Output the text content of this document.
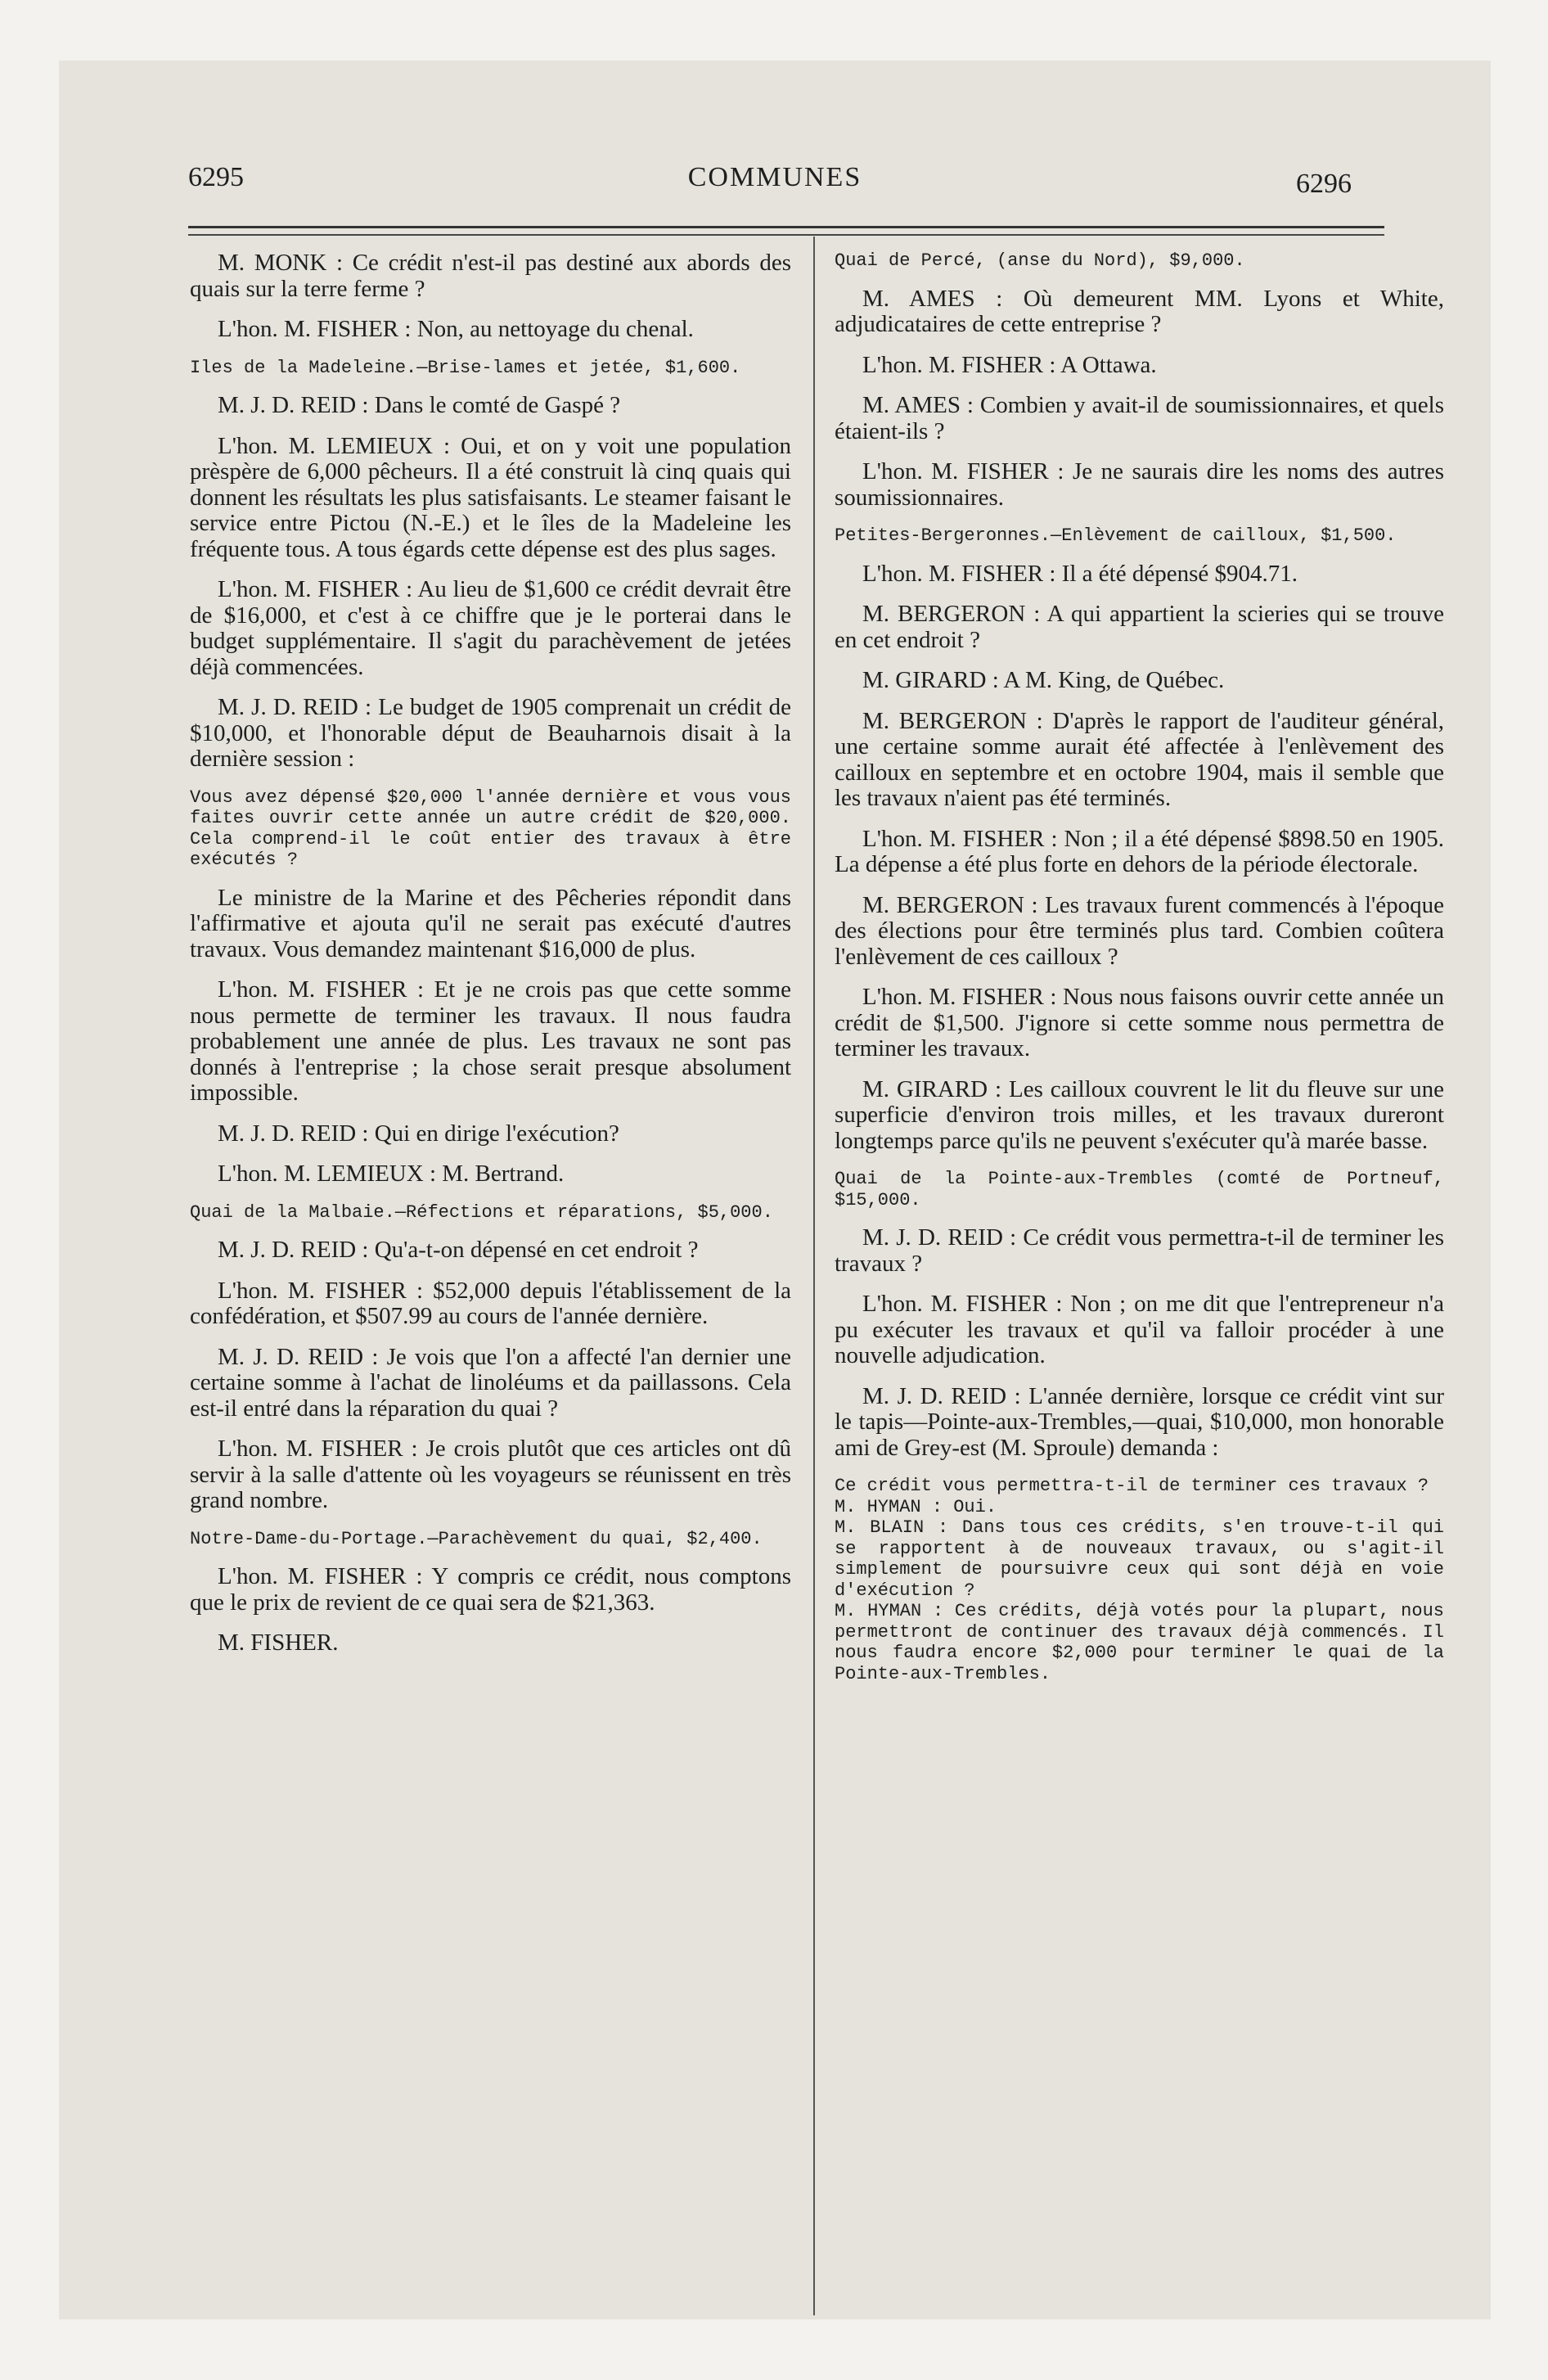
6295	COMMUNES	6296

M. MONK : Ce crédit n'est-il pas destiné aux abords des quais sur la terre ferme ?

L'hon. M. FISHER : Non, au nettoyage du chenal.

Iles de la Madeleine.—Brise-lames et jetée, $1,600.

M. J. D. REID : Dans le comté de Gaspé ?

L'hon. M. LEMIEUX : Oui, et on y voit une population prèspère de 6,000 pêcheurs. Il a été construit là cinq quais qui donnent les résultats les plus satisfaisants. Le steamer faisant le service entre Pictou (N.-E.) et le îles de la Madeleine les fréquente tous. A tous égards cette dépense est des plus sages.

L'hon. M. FISHER : Au lieu de $1,600 ce crédit devrait être de $16,000, et c'est à ce chiffre que je le porterai dans le budget supplémentaire. Il s'agit du parachèvement de jetées déjà commencées.

M. J. D. REID : Le budget de 1905 comprenait un crédit de $10,000, et l'honorable déput de Beauharnois disait à la dernière session :

Vous avez dépensé $20,000 l'année dernière et vous vous faites ouvrir cette année un autre crédit de $20,000. Cela comprend-il le coût entier des travaux à être exécutés ?

Le ministre de la Marine et des Pêcheries répondit dans l'affirmative et ajouta qu'il ne serait pas exécuté d'autres travaux. Vous demandez maintenant $16,000 de plus.

L'hon. M. FISHER : Et je ne crois pas que cette somme nous permette de terminer les travaux. Il nous faudra probablement une année de plus. Les travaux ne sont pas donnés à l'entreprise ; la chose serait presque absolument impossible.

M. J. D. REID : Qui en dirige l'exécution?

L'hon. M. LEMIEUX : M. Bertrand.

Quai de la Malbaie.—Réfections et réparations, $5,000.

M. J. D. REID : Qu'a-t-on dépensé en cet endroit ?

L'hon. M. FISHER : $52,000 depuis l'établissement de la confédération, et $507.99 au cours de l'année dernière.

M. J. D. REID : Je vois que l'on a affecté l'an dernier une certaine somme à l'achat de linoléums et da paillassons. Cela est-il entré dans la réparation du quai ?

L'hon. M. FISHER : Je crois plutôt que ces articles ont dû servir à la salle d'attente où les voyageurs se réunissent en très grand nombre.

Notre-Dame-du-Portage.—Parachèvement du quai, $2,400.

L'hon. M. FISHER : Y compris ce crédit, nous comptons que le prix de revient de ce quai sera de $21,363.

M. FISHER.

Quai de Percé, (anse du Nord), $9,000.

M. AMES : Où demeurent MM. Lyons et White, adjudicataires de cette entreprise ?

L'hon. M. FISHER : A Ottawa.

M. AMES : Combien y avait-il de soumissionnaires, et quels étaient-ils ?

L'hon. M. FISHER : Je ne saurais dire les noms des autres soumissionnaires.

Petites-Bergeronnes.—Enlèvement de cailloux, $1,500.

L'hon. M. FISHER : Il a été dépensé $904.71.

M. BERGERON : A qui appartient la scieries qui se trouve en cet endroit ?

M. GIRARD : A M. King, de Québec.

M. BERGERON : D'après le rapport de l'auditeur général, une certaine somme aurait été affectée à l'enlèvement des cailloux en septembre et en octobre 1904, mais il semble que les travaux n'aient pas été terminés.

L'hon. M. FISHER : Non ; il a été dépensé $898.50 en 1905. La dépense a été plus forte en dehors de la période électorale.

M. BERGERON : Les travaux furent commencés à l'époque des élections pour être terminés plus tard. Combien coûtera l'enlèvement de ces cailloux ?

L'hon. M. FISHER : Nous nous faisons ouvrir cette année un crédit de $1,500. J'ignore si cette somme nous permettra de terminer les travaux.

M. GIRARD : Les cailloux couvrent le lit du fleuve sur une superficie d'environ trois milles, et les travaux dureront longtemps parce qu'ils ne peuvent s'exécuter qu'à marée basse.

Quai de la Pointe-aux-Trembles (comté de Portneuf, $15,000.

M. J. D. REID : Ce crédit vous permettra-t-il de terminer les travaux ?

L'hon. M. FISHER : Non ; on me dit que l'entrepreneur n'a pu exécuter les travaux et qu'il va falloir procéder à une nouvelle adjudication.

M. J. D. REID : L'année dernière, lorsque ce crédit vint sur le tapis—Pointe-aux-Trembles,—quai, $10,000, mon honorable ami de Grey-est (M. Sproule) demanda :

Ce crédit vous permettra-t-il de terminer ces travaux ?

M. HYMAN : Oui.

M. BLAIN : Dans tous ces crédits, s'en trouve-t-il qui se rapportent à de nouveaux travaux, ou s'agit-il simplement de poursuivre ceux qui sont déjà en voie d'exécution ?

M. HYMAN : Ces crédits, déjà votés pour la plupart, nous permettront de continuer des travaux déjà commencés. Il nous faudra encore $2,000 pour terminer le quai de la Pointe-aux-Trembles.
